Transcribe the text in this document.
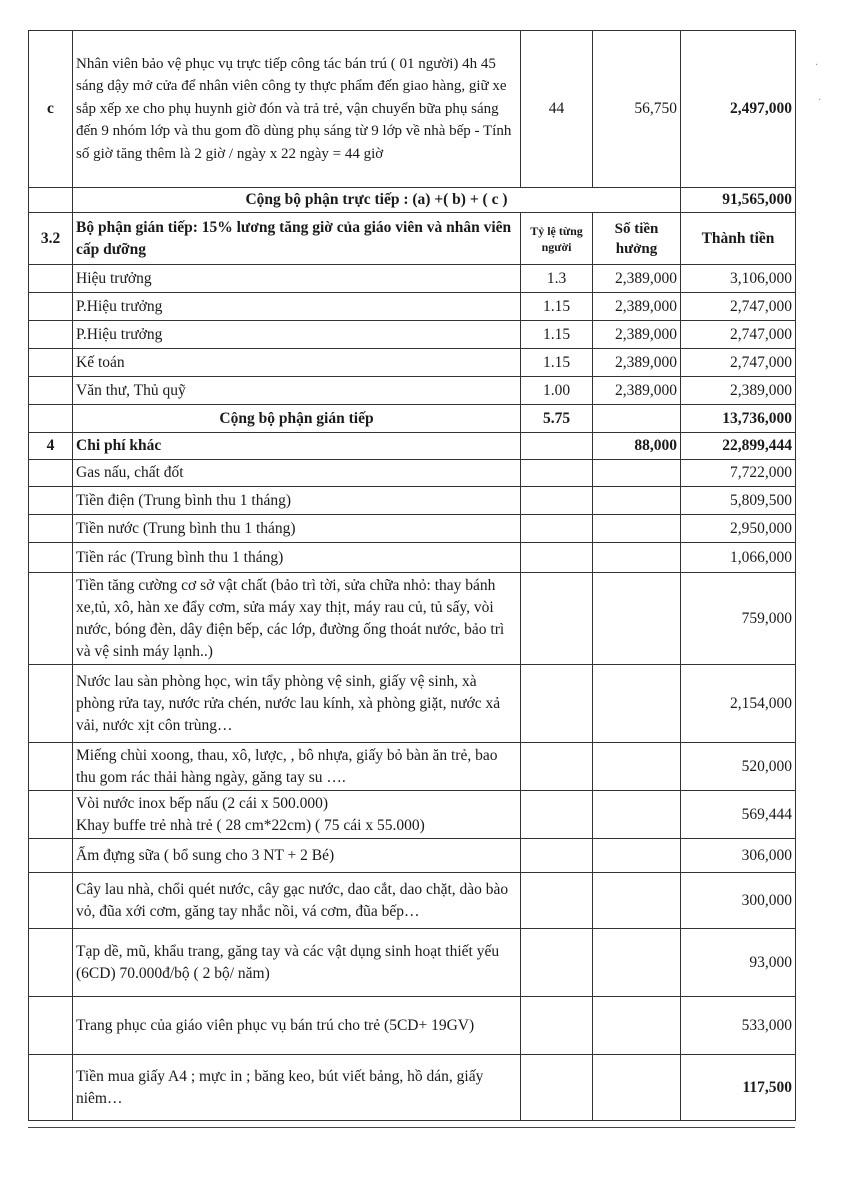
·
·
c	Nhân viên bảo vệ phục vụ trực tiếp công tác bán trú ( 01 người) 4h 45 sáng dậy mở cửa để nhân viên công ty thực phẩm đến giao hàng, giữ xe sắp xếp xe cho phụ huynh giờ đón và trả trẻ, vận chuyển bữa phụ sáng đến 9 nhóm lớp và thu gom đồ dùng phụ sáng từ 9 lớp về nhà bếp - Tính số giờ tăng thêm là 2 giờ / ngày x 22 ngày = 44 giờ	44	56,750	2,497,000
	Cộng bộ phận trực tiếp : (a) +( b) + ( c )			91,565,000
3.2	Bộ phận gián tiếp: 15% lương tăng giờ của giáo viên và nhân viên cấp dưỡng	Tỷ lệ từng người	Số tiền hưởng	Thành tiền
	Hiệu trưởng	1.3	2,389,000	3,106,000
	P.Hiệu trưởng	1.15	2,389,000	2,747,000
	P.Hiệu trưởng	1.15	2,389,000	2,747,000
	Kế toán	1.15	2,389,000	2,747,000
	Văn thư, Thủ quỹ	1.00	2,389,000	2,389,000
	Cộng bộ phận gián tiếp	5.75		13,736,000
4	Chi phí khác		88,000	22,899,444
	Gas nấu, chất đốt			7,722,000
	Tiền điện (Trung bình thu 1 tháng)			5,809,500
	Tiền nước (Trung bình thu 1 tháng)			2,950,000
	Tiền rác (Trung bình thu 1 tháng)			1,066,000
	Tiền tăng cường cơ sở vật chất (bảo trì tời, sửa chữa nhỏ: thay bánh xe,tủ, xô, hàn xe đẩy cơm, sửa máy xay thịt, máy rau củ, tủ sấy, vòi nước, bóng đèn, dây điện bếp, các lớp, đường ống thoát nước, bảo trì và vệ sinh máy lạnh..)			759,000
	Nước lau sàn phòng học, win tẩy phòng vệ sinh, giấy vệ sinh, xà phòng rửa tay, nước rửa chén, nước lau kính, xà phòng giặt, nước xả vải, nước xịt côn trùng…			2,154,000
	Miếng chùi xoong, thau, xô, lược, , bô nhựa, giấy bỏ bàn ăn trẻ, bao thu gom rác thải hàng ngày, găng tay su ….			520,000
	Vòi nước inox bếp nấu (2 cái x 500.000)
Khay buffe trẻ nhà trẻ ( 28 cm*22cm) ( 75 cái x 55.000)			569,444
	Ấm đựng sữa ( bổ sung cho 3 NT + 2 Bé)			306,000
	Cây lau nhà, chổi quét nước, cây gạc nước, dao cắt, dao chặt, dào bào vỏ, đũa xới cơm, găng tay nhắc nồi, vá cơm, đũa bếp…			300,000
	Tạp dề, mũ, khẩu trang, găng tay và các vật dụng sinh hoạt thiết yếu (6CD) 70.000đ/bộ ( 2 bộ/ năm)			93,000
	Trang phục của giáo viên phục vụ bán trú cho trẻ (5CD+ 19GV)			533,000
	Tiền mua giấy A4 ; mực in ; băng keo, bút viết bảng, hồ dán, giấy niêm…			117,500
